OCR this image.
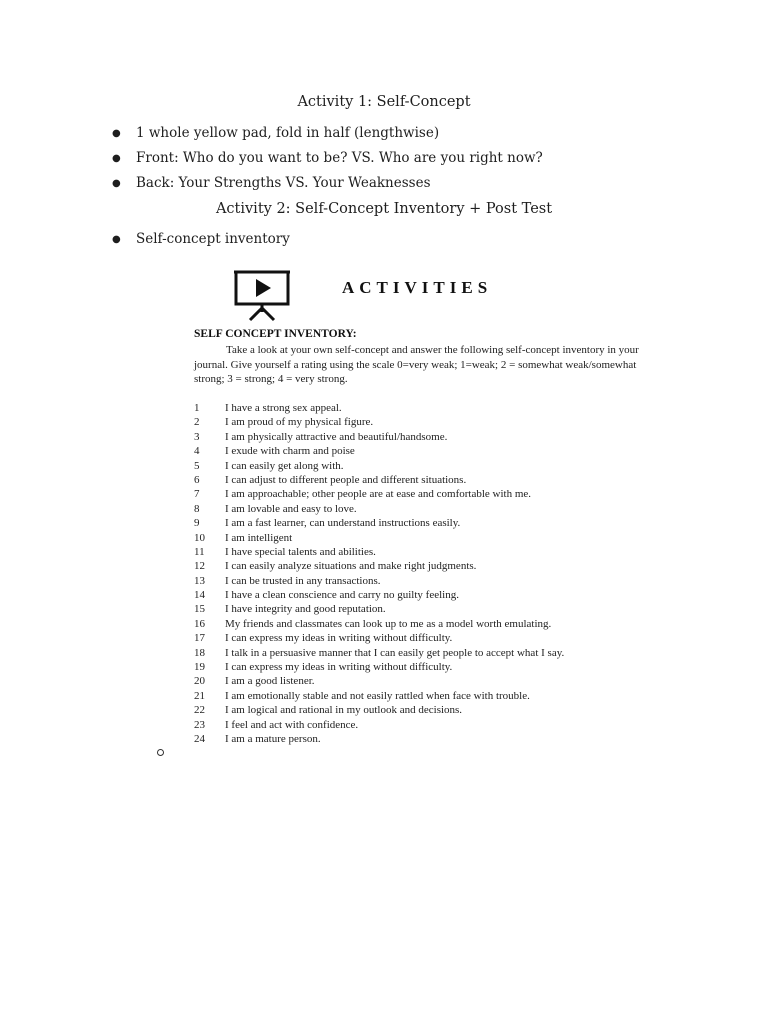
Activity 1: Self-Concept
● 1 whole yellow pad, fold in half (lengthwise)
● Front: Who do you want to be? VS. Who are you right now?
● Back: Your Strengths VS. Your Weaknesses
Activity 2: Self-Concept Inventory + Post Test
● Self-concept inventory
ACTIVITIES
SELF CONCEPT INVENTORY:
Take a look at your own self-concept and answer the following self-concept inventory in your journal. Give yourself a rating using the scale 0=very weak; 1=weak; 2 = somewhat weak/somewhat strong; 3 = strong; 4 = very strong.
1	I have a strong sex appeal.
2	I am proud of my physical figure.
3	I am physically attractive and beautiful/handsome.
4	I exude with charm and poise
5	I can easily get along with.
6	I can adjust to different people and different situations.
7	I am approachable; other people are at ease and comfortable with me.
8	I am lovable and easy to love.
9	I am a fast learner, can understand instructions easily.
10	I am intelligent
11	I have special talents and abilities.
12	I can easily analyze situations and make right judgments.
13	I can be trusted in any transactions.
14	I have a clean conscience and carry no guilty feeling.
15	I have integrity and good reputation.
16	My friends and classmates can look up to me as a model worth emulating.
17	I can express my ideas in writing without difficulty.
18	I talk in a persuasive manner that I can easily get people to accept what I say.
19	I can express my ideas in writing without difficulty.
20	I am a good listener.
21	I am emotionally stable and not easily rattled when face with trouble.
22	I am logical and rational in my outlook and decisions.
23	I feel and act with confidence.
24	I am a mature person.
